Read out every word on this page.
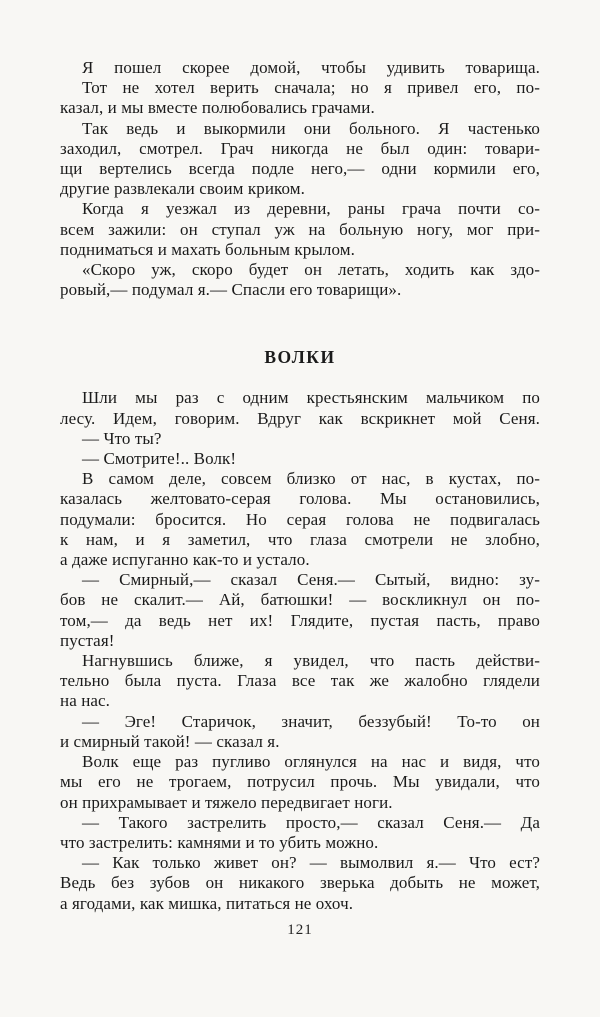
Я пошел скорее домой, чтобы удивить товарища.
Тот не хотел верить сначала; но я привел его, по-
казал, и мы вместе полюбовались грачами.
Так ведь и выкормили они больного. Я частенько
заходил, смотрел. Грач никогда не был один: товари-
щи вертелись всегда подле него,— одни кормили его,
другие развлекали своим криком.
Когда я уезжал из деревни, раны грача почти со-
всем зажили: он ступал уж на больную ногу, мог при-
подниматься и махать больным крылом.
«Скоро уж, скоро будет он летать, ходить как здо-
ровый,— подумал я.— Спасли его товарищи».
ВОЛКИ
Шли мы раз с одним крестьянским мальчиком по
лесу. Идем, говорим. Вдруг как вскрикнет мой Сеня.
— Что ты?
— Смотрите!.. Волк!
В самом деле, совсем близко от нас, в кустах, по-
казалась желтовато-серая голова. Мы остановились,
подумали: бросится. Но серая голова не подвигалась
к нам, и я заметил, что глаза смотрели не злобно,
а даже испуганно как-то и устало.
— Смирный,— сказал Сеня.— Сытый, видно: зу-
бов не скалит.— Ай, батюшки! — воскликнул он по-
том,— да ведь нет их! Глядите, пустая пасть, право
пустая!
Нагнувшись ближе, я увидел, что пасть действи-
тельно была пуста. Глаза все так же жалобно глядели
на нас.
— Эге! Старичок, значит, беззубый! То-то он
и смирный такой! — сказал я.
Волк еще раз пугливо оглянулся на нас и видя, что
мы его не трогаем, потрусил прочь. Мы увидали, что
он прихрамывает и тяжело передвигает ноги.
— Такого застрелить просто,— сказал Сеня.— Да
что застрелить: камнями и то убить можно.
— Как только живет он? — вымолвил я.— Что ест?
Ведь без зубов он никакого зверька добыть не может,
а ягодами, как мишка, питаться не охоч.
121
